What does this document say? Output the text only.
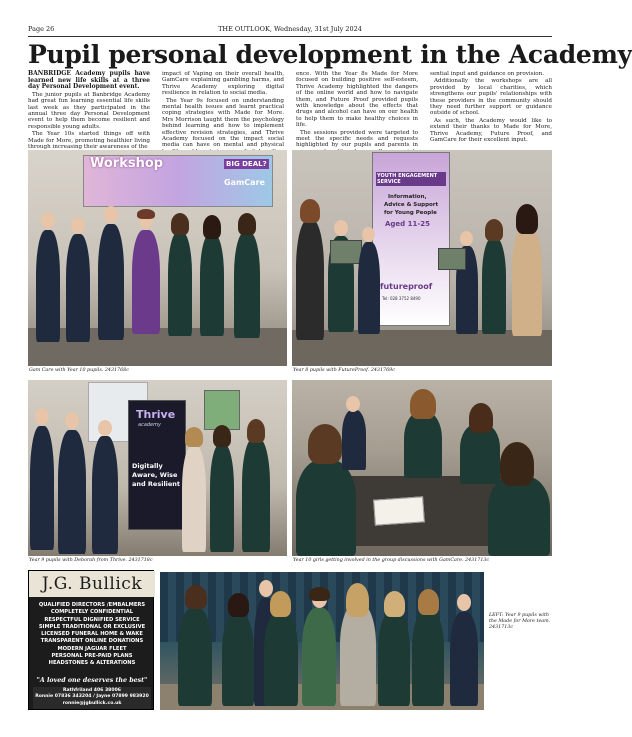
Page 26	THE OUTLOOK, Wednesday, 31st July 2024
Pupil personal development in the Academy

BANBRIDGE Academy pupils have learned new life skills at a three day Personal Development event.

The junior pupils at Banbridge Academy had great fun learning essential life skills last week as they participated in the annual three day Personal Development event to help them become resilient and responsible young adults.

The Year 10s started things off with Made for More, promoting healthier living through increasing their awareness of the

impact of Vaping on their overall health, GamCare explaining gambling harms, and Thrive Academy exploring digital resilience in relation to social media.

The Year 9s focused on understanding mental health issues and learnt practical coping strategies with Made for More. Mrs Morrison taught them the psychology behind learning and how to implement effective revision strategies, and Thrive Academy focused on the impact social media can have on mental and physical

ence. With the Year 8s Made for More focused on building positive self-esteem, Thrive Academy highlighted the dangers of the online world and how to navigate them, and Future Proof provided pupils with knowledge about the effects that drugs and alcohol can have on our health to help them to make healthy choices in life.

The sessions provided were targeted to meet the specific needs and requests highlighted by our pupils and parents in

sential input and guidance on provision.

Additionally the workshops are all provided by local charities, which strengthens our pupils' relationships with these providers in the community should they need further support or guidance outside of school.

As such, the Academy would like to extend their thanks to Made for More, Thrive Academy, Future Proof, and GamCare for their excellent input.

Workshop	BIG DEAL?
GamCare
Gam Care with Year 10 pupils. 2431768c
YOUTH ENGAGEMENT SERVICE
Information,
Advice & Support
for Young People
Aged 11-25
futureproof
Tel: 028 3752 8490
Year 8 pupils with FutureProof. 2431769c
Thrive
academy
Digitally
Aware, Wise
and Resilient
Year 9 pupils with Deborah from Thrive. 2431718c	Year 10 girls getting involved in the group discussions with GamCare. 2431713c
J.G. Bullick
QUALIFIED DIRECTORS /EMBALMERS
COMPLETELY CONFIDENTIAL
RESPECTFUL DIGNIFIED SERVICE
SIMPLE TRADITIONAL OR EXCLUSIVE
LICENSED FUNERAL HOME & WAKE
TRANSPARENT ONLINE DONATIONS
MODERN JAGUAR FLEET
PERSONAL PRE-PAID PLANS
HEADSTONES & ALTERATIONS
"A loved one deserves the best"
Rathfriland 406 38006
Ronnie 07836 343204 / Jayne 07899 983920
ronnie@jgbullick.co.uk
LEFT: Year 9 pupils with the Made for More team. 2431713c
